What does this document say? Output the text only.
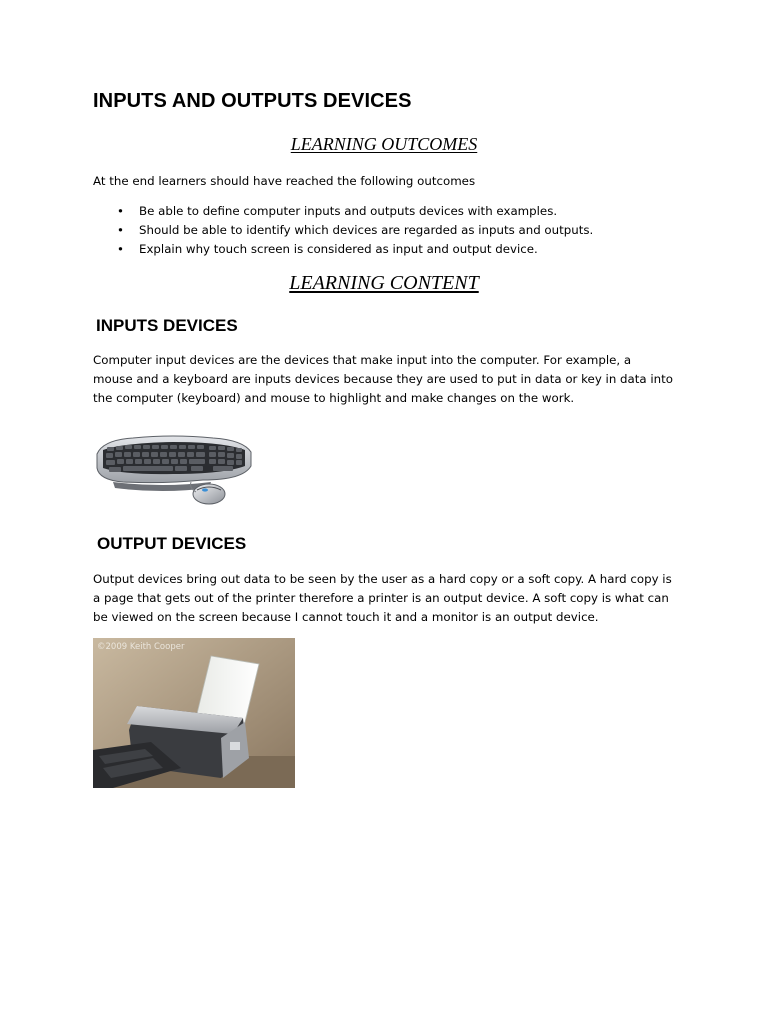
INPUTS AND OUTPUTS DEVICES
LEARNING OUTCOMES

At the end learners should have reached the following outcomes

• Be able to define computer inputs and outputs devices with examples.
• Should be able to identify which devices are regarded as inputs and outputs.
• Explain why touch screen is considered as input and output device.
LEARNING CONTENT
INPUTS DEVICES

Computer input devices are the devices that make input into the computer. For example, a mouse and a keyboard are inputs devices because they are used to put in data or key in data into the computer (keyboard) and mouse to highlight and make changes on the work.

OUTPUT DEVICES

Output devices bring out data to be seen by the user as a hard copy or a soft copy. A hard copy is a page that gets out of the printer therefore a printer is an output device. A soft copy is what can be viewed on the screen because I cannot touch it and a monitor is an output device.

©2009 Keith Cooper
